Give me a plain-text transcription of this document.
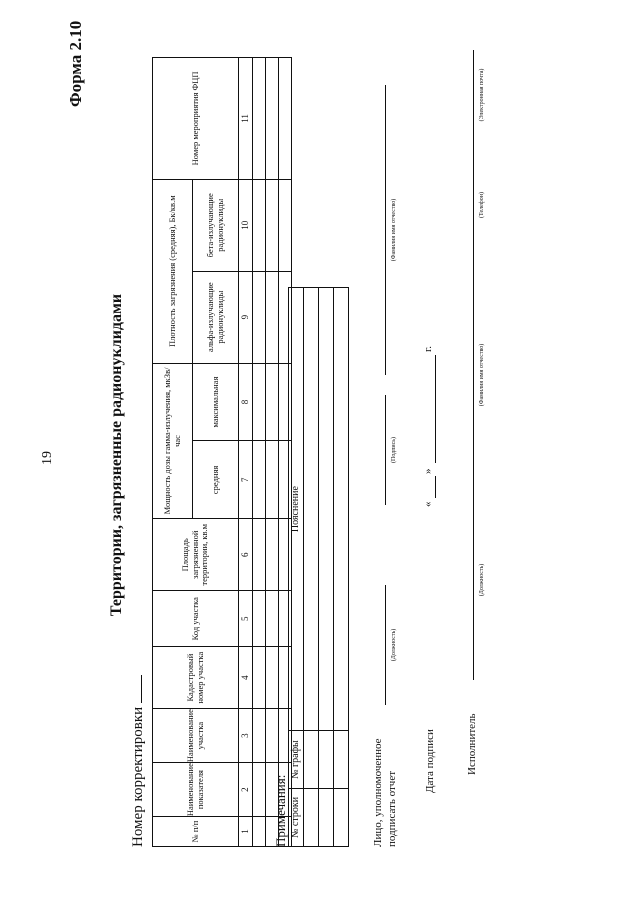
19
Форма 2.10
Территории, загрязненные радионуклидами
Номер корректировки	№ п/п	Наименование показателя	Наименование участка	Кадастровый номер участка	Код участка	Площадь загрязненной территории, кв.м	Мощность дозы гамма-излучения, мкЗв/час		Плотность загрязнения (средняя), Бк/кв.м		Номер мероприятия ФЦП
						средняя	максимальная	альфа-излучающие радионуклиды	бета-излучающие радионуклиды	
1	2	3	4	5	6	7	8	9	10	11

Примечания: № строки	№ графы	Пояснение

Лицо, уполномоченное подписать отчет
(Должность)
(Подпись)
(Фамилия имя отчество)
Дата подписи
«
»
г.
Исполнитель
(Должность)
(Фамилия имя отчество)
(Телефон)
(Электронная почта)
